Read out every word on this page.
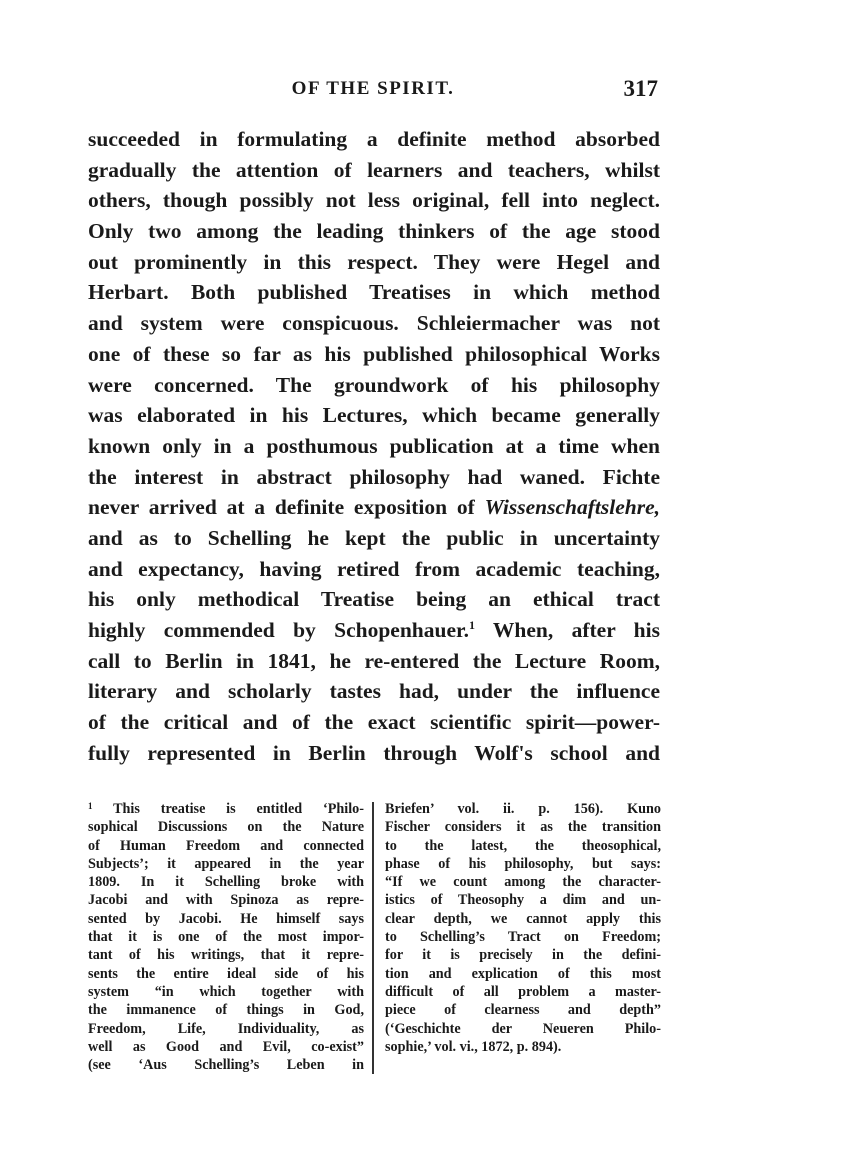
OF THE SPIRIT.	317
succeeded in formulating a definite method absorbed
gradually the attention of learners and teachers, whilst
others, though possibly not less original, fell into neglect.
Only two among the leading thinkers of the age stood
out prominently in this respect. They were Hegel and
Herbart. Both published Treatises in which method
and system were conspicuous. Schleiermacher was not
one of these so far as his published philosophical Works
were concerned. The groundwork of his philosophy
was elaborated in his Lectures, which became generally
known only in a posthumous publication at a time when
the interest in abstract philosophy had waned. Fichte
never arrived at a definite exposition of Wissenschaftslehre,
and as to Schelling he kept the public in uncertainty
and expectancy, having retired from academic teaching,
his only methodical Treatise being an ethical tract
highly commended by Schopenhauer.$^1$ When, after his
call to Berlin in 1841, he re-entered the Lecture Room,
literary and scholarly tastes had, under the influence
of the critical and of the exact scientific spirit—power-
fully represented in Berlin through Wolf's school and
$^1$ This treatise is entitled ‘Philo-
sophical Discussions on the Nature
of Human Freedom and connected
Subjects’; it appeared in the year
1809. In it Schelling broke with
Jacobi and with Spinoza as repre-
sented by Jacobi. He himself says
that it is one of the most impor-
tant of his writings, that it repre-
sents the entire ideal side of his
system “in which together with
the immanence of things in God,
Freedom, Life, Individuality, as
well as Good and Evil, co-exist”
(see ‘Aus Schelling’s Leben in
Briefen’ vol. ii. p. 156). Kuno
Fischer considers it as the transition
to the latest, the theosophical,
phase of his philosophy, but says:
“If we count among the character-
istics of Theosophy a dim and un-
clear depth, we cannot apply this
to Schelling’s Tract on Freedom;
for it is precisely in the defini-
tion and explication of this most
difficult of all problem a master-
piece of clearness and depth”
(‘Geschichte der Neueren Philo-
sophie,’ vol. vi., 1872, p. 894).
